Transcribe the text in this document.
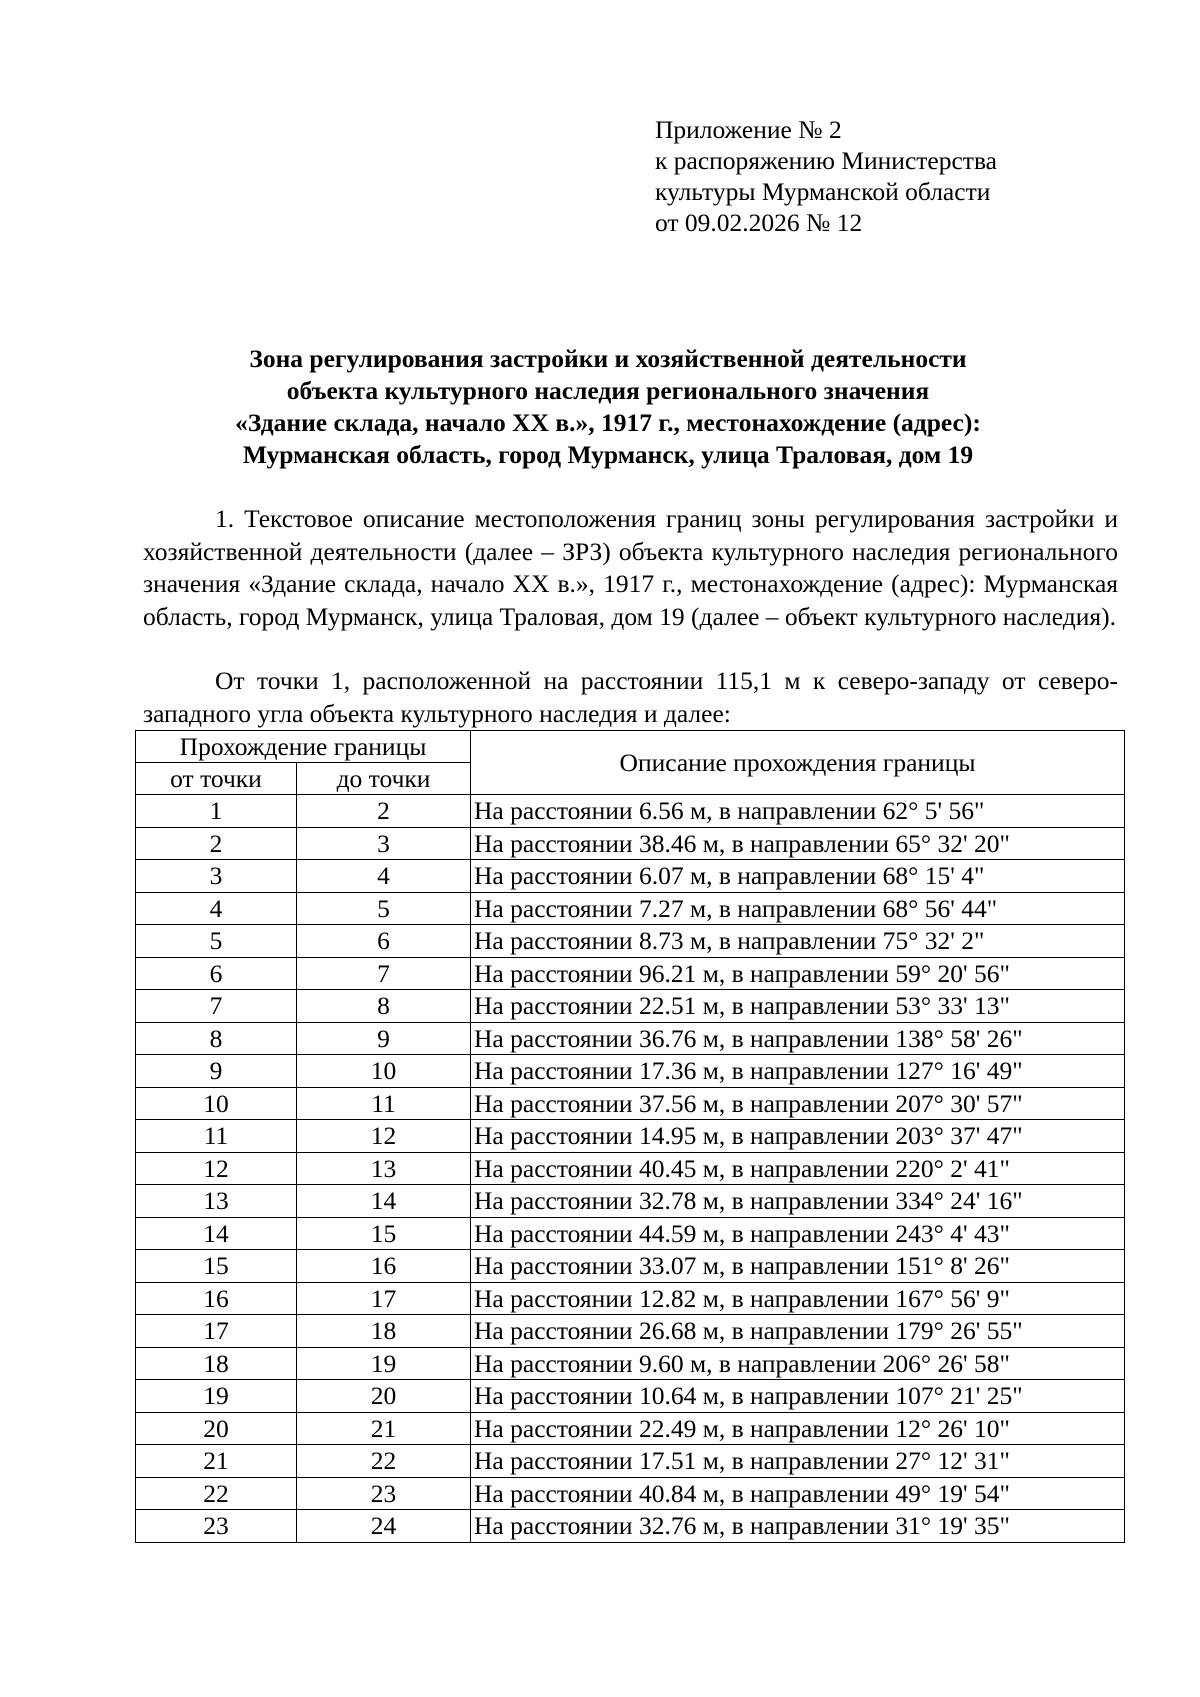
Приложение № 2
к распоряжению Министерства
культуры Мурманской области
от 09.02.2026 № 12
Зона регулирования застройки и хозяйственной деятельности
объекта культурного наследия регионального значения
«Здание склада, начало XX в.», 1917 г., местонахождение (адрес):
Мурманская область, город Мурманск, улица Траловая, дом 19

1. Текстовое описание местоположения границ зоны регулирования застройки и хозяйственной деятельности (далее – ЗРЗ) объекта культурного наследия регионального значения «Здание склада, начало XX в.», 1917 г., местонахождение (адрес): Мурманская область, город Мурманск, улица Траловая, дом 19 (далее – объект культурного наследия).

От точки 1, расположенной на расстоянии 115,1 м к северо-западу от северо-западного угла объекта культурного наследия и далее:

Прохождение границы		Описание прохождения границы
от точки	до точки	
1	2	На расстоянии 6.56 м, в направлении 62° 5' 56"
2	3	На расстоянии 38.46 м, в направлении 65° 32' 20"
3	4	На расстоянии 6.07 м, в направлении 68° 15' 4"
4	5	На расстоянии 7.27 м, в направлении 68° 56' 44"
5	6	На расстоянии 8.73 м, в направлении 75° 32' 2"
6	7	На расстоянии 96.21 м, в направлении 59° 20' 56"
7	8	На расстоянии 22.51 м, в направлении 53° 33' 13"
8	9	На расстоянии 36.76 м, в направлении 138° 58' 26"
9	10	На расстоянии 17.36 м, в направлении 127° 16' 49"
10	11	На расстоянии 37.56 м, в направлении 207° 30' 57"
11	12	На расстоянии 14.95 м, в направлении 203° 37' 47"
12	13	На расстоянии 40.45 м, в направлении 220° 2' 41"
13	14	На расстоянии 32.78 м, в направлении 334° 24' 16"
14	15	На расстоянии 44.59 м, в направлении 243° 4' 43"
15	16	На расстоянии 33.07 м, в направлении 151° 8' 26"
16	17	На расстоянии 12.82 м, в направлении 167° 56' 9"
17	18	На расстоянии 26.68 м, в направлении 179° 26' 55"
18	19	На расстоянии 9.60 м, в направлении 206° 26' 58"
19	20	На расстоянии 10.64 м, в направлении 107° 21' 25"
20	21	На расстоянии 22.49 м, в направлении 12° 26' 10"
21	22	На расстоянии 17.51 м, в направлении 27° 12' 31"
22	23	На расстоянии 40.84 м, в направлении 49° 19' 54"
23	24	На расстоянии 32.76 м, в направлении 31° 19' 35"
